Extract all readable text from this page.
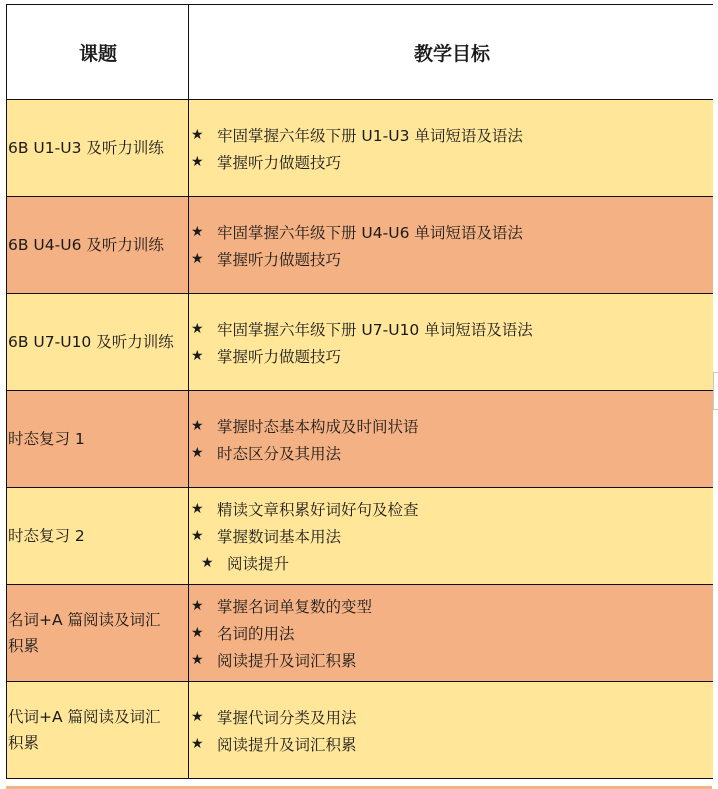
课题	教学目标
6B U1-U3 及听力训练
★ 牢固掌握六年级下册 U1-U3 单词短语及语法
★ 掌握听力做题技巧
6B U4-U6 及听力训练
★ 牢固掌握六年级下册 U4-U6 单词短语及语法
★ 掌握听力做题技巧
6B U7-U10 及听力训练
★ 牢固掌握六年级下册 U7-U10 单词短语及语法
★ 掌握听力做题技巧
时态复习 1
★ 掌握时态基本构成及时间状语
★ 时态区分及其用法
时态复习 2
★ 精读文章积累好词好句及检查
★ 掌握数词基本用法
★ 阅读提升
名词+A 篇阅读及词汇
积累
★ 掌握名词单复数的变型
★ 名词的用法
★ 阅读提升及词汇积累
代词+A 篇阅读及词汇
积累
★ 掌握代词分类及用法
★ 阅读提升及词汇积累
